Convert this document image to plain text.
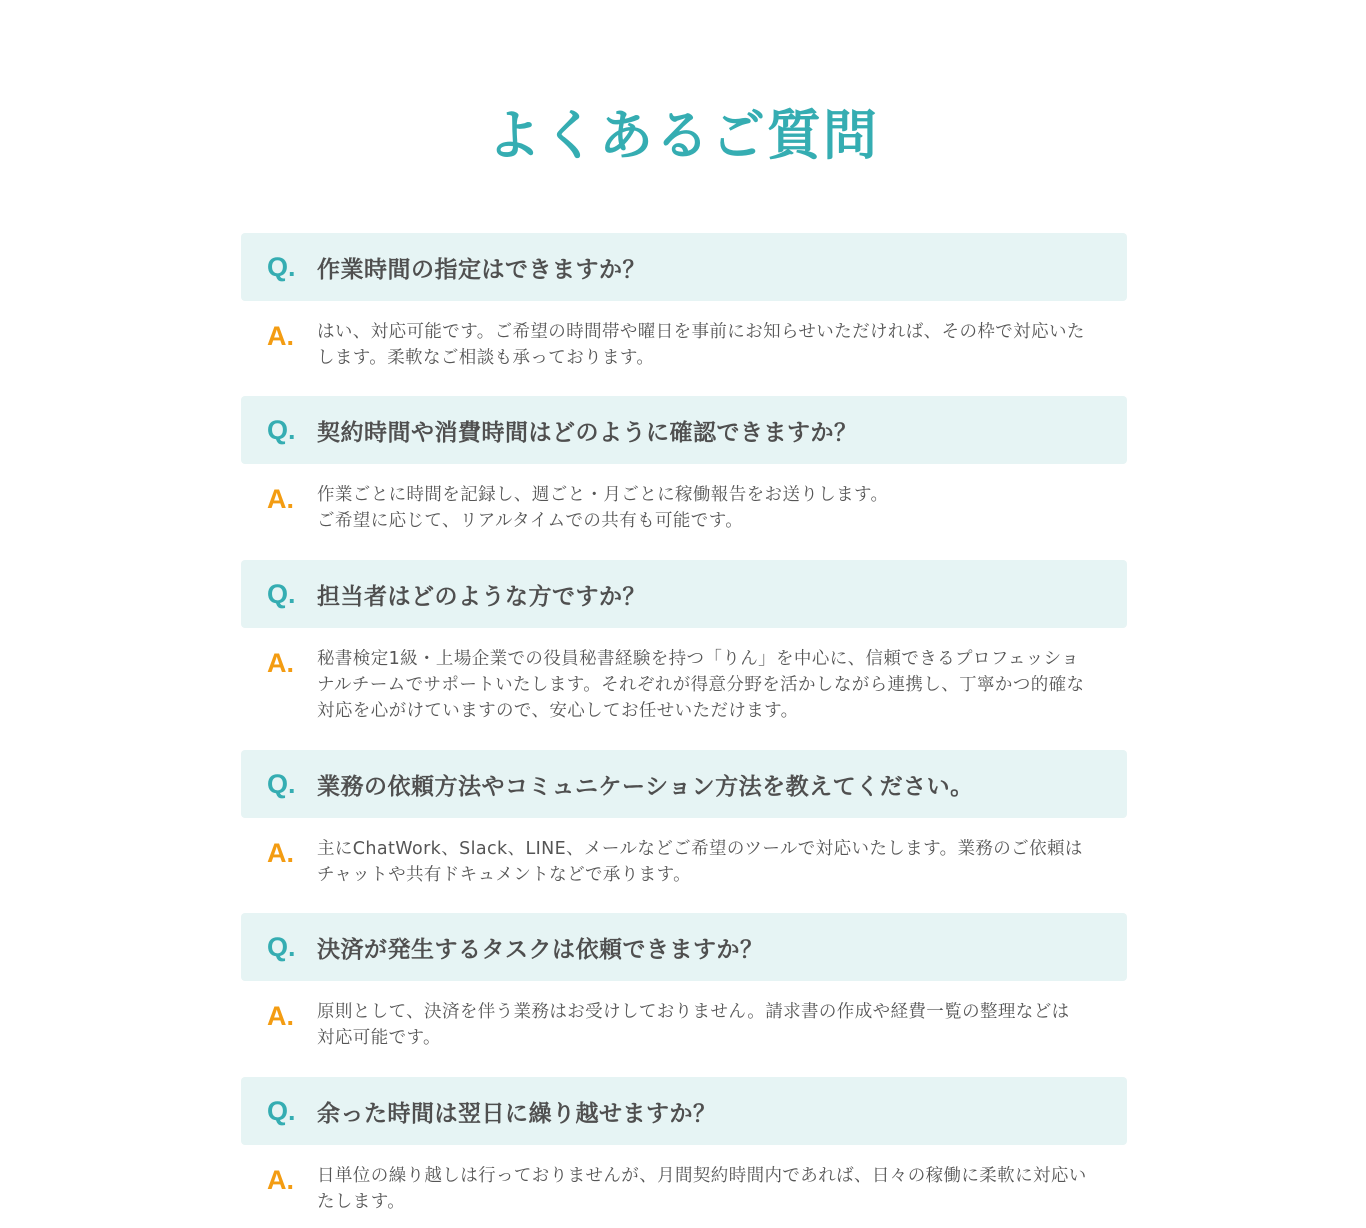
よくあるご質問
Q. 作業時間の指定はできますか？
A.	はい、対応可能です。ご希望の時間帯や曜日を事前にお知らせいただければ、その枠で対応いたします。柔軟なご相談も承っております。

Q. 契約時間や消費時間はどのように確認できますか？
A.	作業ごとに時間を記録し、週ごと・月ごとに稼働報告をお送りします。
ご希望に応じて、リアルタイムでの共有も可能です。

Q. 担当者はどのような方ですか？
A.	秘書検定1級・上場企業での役員秘書経験を持つ「りん」を中心に、信頼できるプロフェッショナルチームでサポートいたします。それぞれが得意分野を活かしながら連携し、丁寧かつ的確な対応を心がけていますので、安心してお任せいただけます。

Q. 業務の依頼方法やコミュニケーション方法を教えてください。
A.	主にChatWork、Slack、LINE、メールなどご希望のツールで対応いたします。業務のご依頼はチャットや共有ドキュメントなどで承ります。

Q. 決済が発生するタスクは依頼できますか？
A.	原則として、決済を伴う業務はお受けしておりません。請求書の作成や経費一覧の整理などは対応可能です。

Q. 余った時間は翌日に繰り越せますか？
A.	日単位の繰り越しは行っておりませんが、月間契約時間内であれば、日々の稼働に柔軟に対応いたします。
